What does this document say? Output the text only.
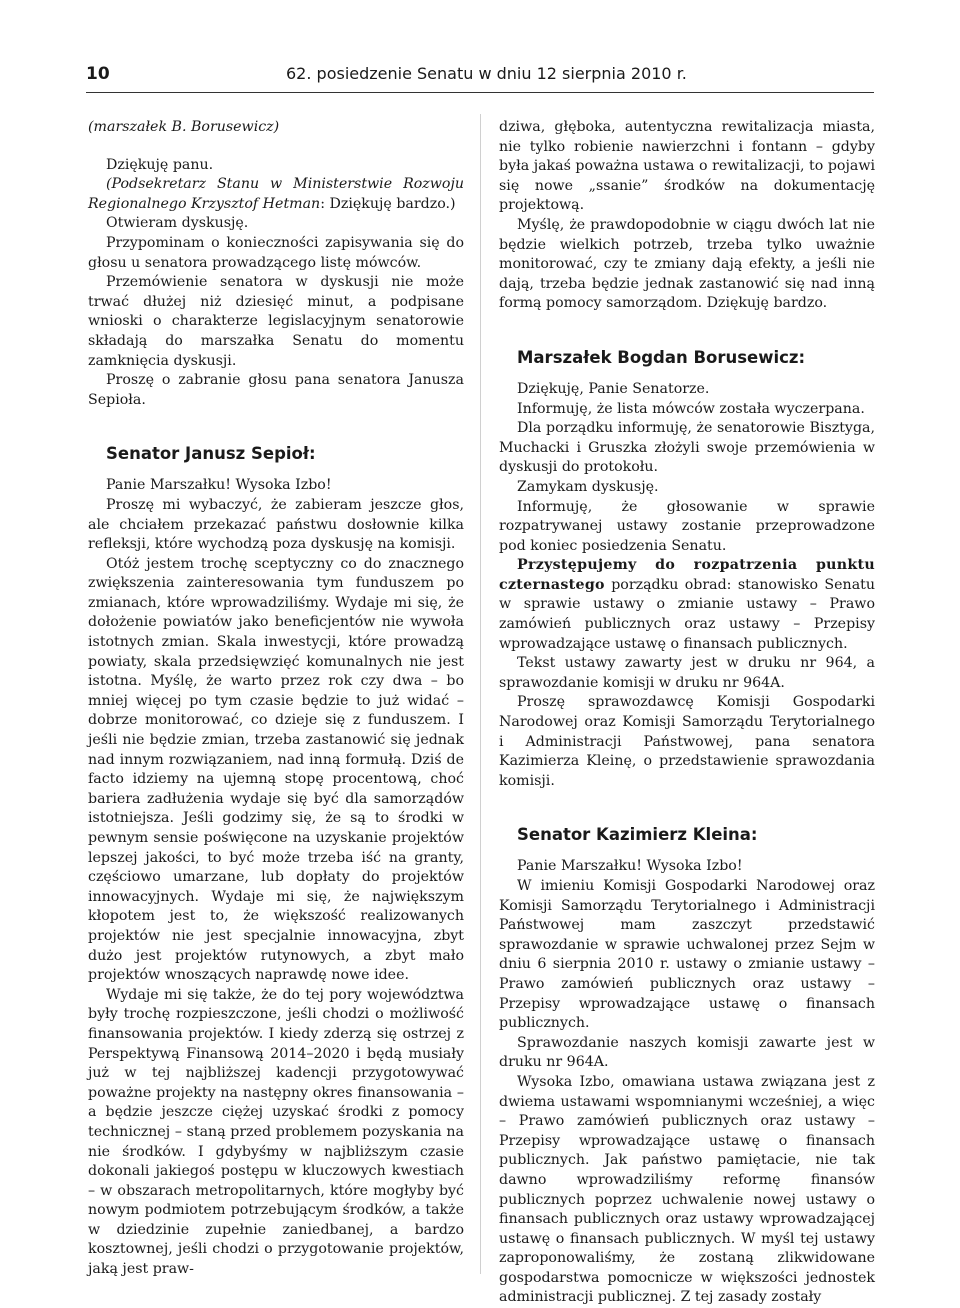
10	62. posiedzenie Senatu w dniu 12 sierpnia 2010 r.

(marszałek B. Borusewicz)

Dziękuję panu.

(Podsekretarz Stanu w Ministerstwie Rozwoju Regionalnego Krzysztof Hetman: Dziękuję bardzo.)

Otwieram dyskusję.

Przypominam o konieczności zapisywania się do głosu u senatora prowadzącego listę mówców.

Przemówienie senatora w dyskusji nie może trwać dłużej niż dziesięć minut, a podpisane wnioski o charakterze legislacyjnym senatorowie składają do marszałka Senatu do momentu zamknięcia dyskusji.

Proszę o zabranie głosu pana senatora Janusza Sepioła.

Senator Janusz Sepioł:

Panie Marszałku! Wysoka Izbo!

Proszę mi wybaczyć, że zabieram jeszcze głos, ale chciałem przekazać państwu dosłownie kilka refleksji, które wychodzą poza dyskusję na komisji.

Otóż jestem trochę sceptyczny co do znacznego zwiększenia zainteresowania tym funduszem po zmianach, które wprowadziliśmy. Wydaje mi się, że dołożenie powiatów jako beneficjentów nie wywoła istotnych zmian. Skala inwestycji, które prowadzą powiaty, skala przedsięwzięć komunalnych nie jest istotna. Myślę, że warto przez rok czy dwa – bo mniej więcej po tym czasie będzie to już widać – dobrze monitorować, co dzieje się z funduszem. I jeśli nie będzie zmian, trzeba zastanowić się jednak nad innym rozwiązaniem, nad inną formułą. Dziś de facto idziemy na ujemną stopę procentową, choć bariera zadłużenia wydaje się być dla samorządów istotniejsza. Jeśli godzimy się, że są to środki w pewnym sensie poświęcone na uzyskanie projektów lepszej jakości, to być może trzeba iść na granty, częściowo umarzane, lub dopłaty do projektów innowacyjnych. Wydaje mi się, że największym kłopotem jest to, że większość realizowanych projektów nie jest specjalnie innowacyjna, zbyt dużo jest projektów rutynowych, a zbyt mało projektów wnoszących naprawdę nowe idee.

Wydaje mi się także, że do tej pory województwa były trochę rozpieszczone, jeśli chodzi o możliwość finansowania projektów. I kiedy zderzą się ostrzej z Perspektywą Finansową 2014–2020 i będą musiały już w tej najbliższej kadencji przygotowywać poważne projekty na następny okres finansowania – a będzie jeszcze ciężej uzyskać środki z pomocy technicznej – staną przed problemem pozyskania na nie środków. I gdybyśmy w najbliższym czasie dokonali jakiegoś postępu w kluczowych kwestiach – w obszarach metropolitarnych, które mogłyby być nowym podmiotem potrzebującym środków, a także w dziedzinie zupełnie zaniedbanej, a bardzo kosztownej, jeśli chodzi o przygotowanie projektów, jaką jest praw-

dziwa, głęboka, autentyczna rewitalizacja miasta, nie tylko robienie nawierzchni i fontann – gdyby była jakaś poważna ustawa o rewitalizacji, to pojawi się nowe „ssanie” środków na dokumentację projektową.

Myślę, że prawdopodobnie w ciągu dwóch lat nie będzie wielkich potrzeb, trzeba tylko uważnie monitorować, czy te zmiany dają efekty, a jeśli nie dają, trzeba będzie jednak zastanowić się nad inną formą pomocy samorządom. Dziękuję bardzo.

Marszałek Bogdan Borusewicz:

Dziękuję, Panie Senatorze.

Informuję, że lista mówców została wyczerpana.

Dla porządku informuję, że senatorowie Bisztyga, Muchacki i Gruszka złożyli swoje przemówienia w dyskusji do protokołu.

Zamykam dyskusję.

Informuję, że głosowanie w sprawie rozpatrywanej ustawy zostanie przeprowadzone pod koniec posiedzenia Senatu.

Przystępujemy do rozpatrzenia punktu czternastego porządku obrad: stanowisko Senatu w sprawie ustawy o zmianie ustawy – Prawo zamówień publicznych oraz ustawy – Przepisy wprowadzające ustawę o finansach publicznych.

Tekst ustawy zawarty jest w druku nr 964, a sprawozdanie komisji w druku nr 964A.

Proszę sprawozdawcę Komisji Gospodarki Narodowej oraz Komisji Samorządu Terytorialnego i Administracji Państwowej, pana senatora Kazimierza Kleinę, o przedstawienie sprawozdania komisji.

Senator Kazimierz Kleina:

Panie Marszałku! Wysoka Izbo!

W imieniu Komisji Gospodarki Narodowej oraz Komisji Samorządu Terytorialnego i Administracji Państwowej mam zaszczyt przedstawić sprawozdanie w sprawie uchwalonej przez Sejm w dniu 6 sierpnia 2010 r. ustawy o zmianie ustawy – Prawo zamówień publicznych oraz ustawy – Przepisy wprowadzające ustawę o finansach publicznych.

Sprawozdanie naszych komisji zawarte jest w druku nr 964A.

Wysoka Izbo, omawiana ustawa związana jest z dwiema ustawami wspomnianymi wcześniej, a więc – Prawo zamówień publicznych oraz ustawy – Przepisy wprowadzające ustawę o finansach publicznych. Jak państwo pamiętacie, nie tak dawno wprowadziliśmy reformę finansów publicznych poprzez uchwalenie nowej ustawy o finansach publicznych oraz ustawy wprowadzającej ustawę o finansach publicznych. W myśl tej ustawy zaproponowaliśmy, że zostaną zlikwidowane gospodarstwa pomocnicze w większości jednostek administracji publicznej. Z tej zasady zostały
